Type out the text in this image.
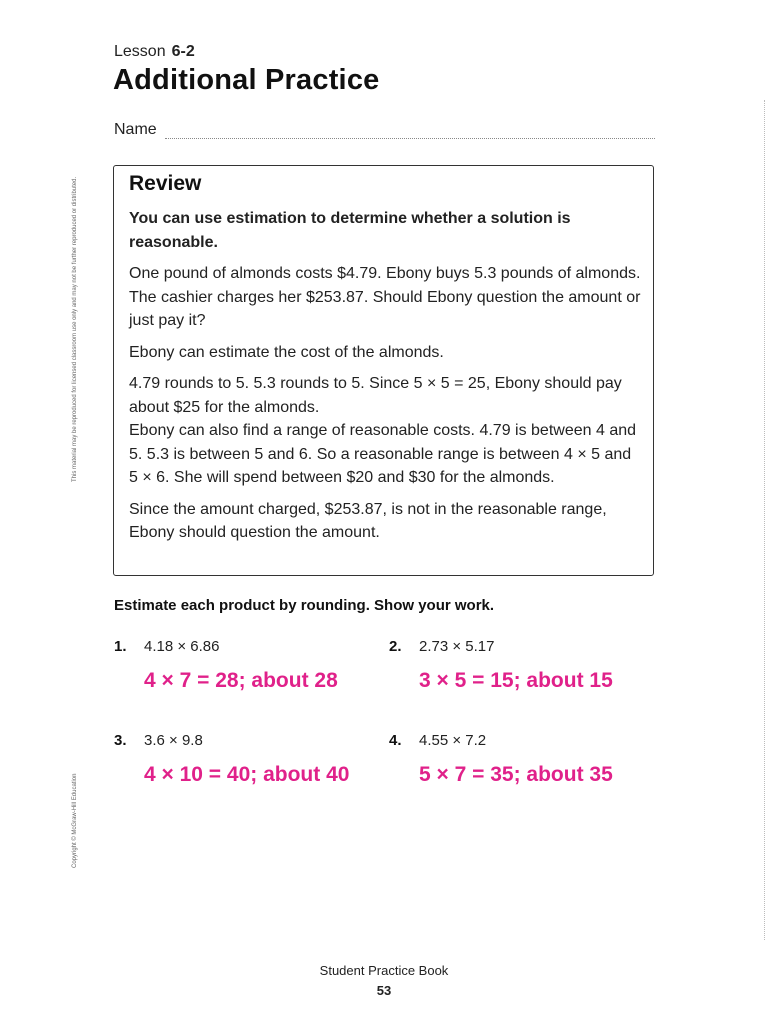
Lesson 6-2
Additional Practice
Name
This material may be reproduced for licensed classroom use only and may not be further reproduced or distributed.
Copyright © McGraw-Hill Education
Review

You can use estimation to determine whether a solution is reasonable.

One pound of almonds costs $4.79. Ebony buys 5.3 pounds of almonds. The cashier charges her $253.87. Should Ebony question the amount or just pay it?

Ebony can estimate the cost of the almonds.

4.79 rounds to 5. 5.3 rounds to 5. Since 5 × 5 = 25, Ebony should pay about $25 for the almonds.

Ebony can also find a range of reasonable costs. 4.79 is between 4 and 5. 5.3 is between 5 and 6. So a reasonable range is between 4 × 5 and 5 × 6. She will spend between $20 and $30 for the almonds.

Since the amount charged, $253.87, is not in the reasonable range, Ebony should question the amount.

Estimate each product by rounding. Show your work.
1. 4.18 × 6.86
4 × 7 = 28; about 28
2. 2.73 × 5.17
3 × 5 = 15; about 15
3. 3.6 × 9.8
4 × 10 = 40; about 40
4. 4.55 × 7.2
5 × 7 = 35; about 35
Student Practice Book
53
